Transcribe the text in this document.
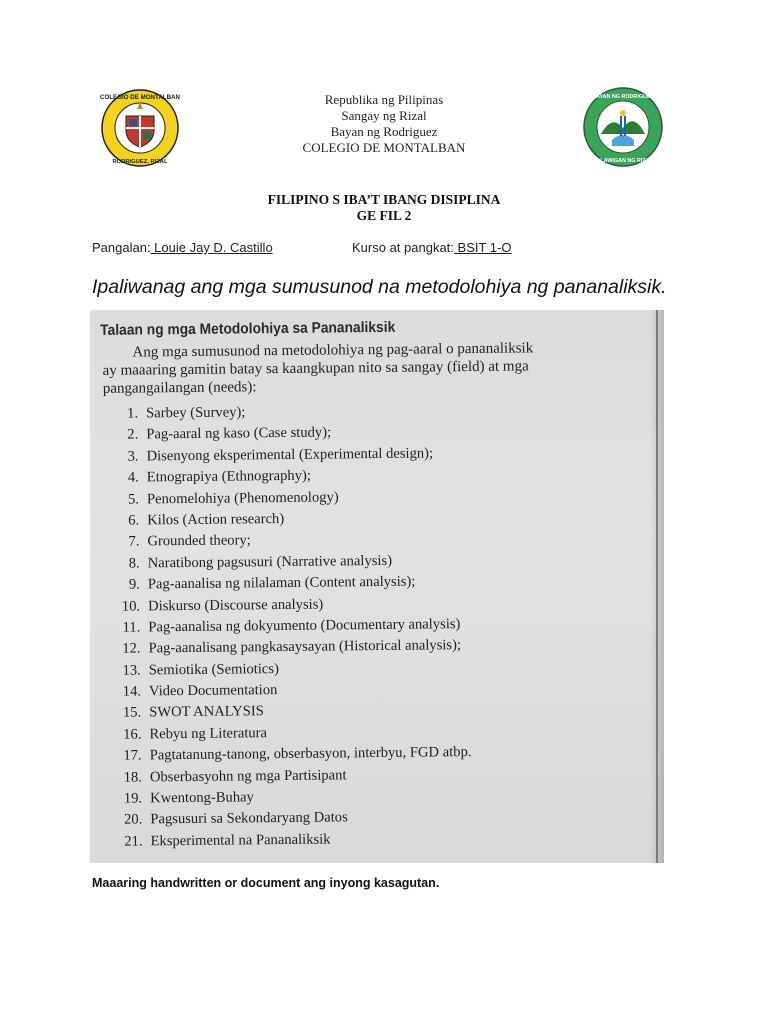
COLEGIO DE MONTALBAN
RODRIGUEZ, RIZAL
Republika ng Pilipinas
Sangay ng Rizal
Bayan ng Rodriguez
COLEGIO DE MONTALBAN
BAYAN NG RODRIGUEZ
1908
LALAWIGAN NG RIZAL
FILIPINO S IBA’T IBANG DISIPLINA
GE FIL 2
Pangalan: Louie Jay D. Castillo	Kurso at pangkat: BSIT 1-O
Ipaliwanag ang mga sumusunod na metodolohiya ng pananaliksik.
Talaan ng mga Metodolohiya sa Pananaliksik

Ang mga sumusunod na metodolohiya ng pag-aaral o pananaliksik

ay maaaring gamitin batay sa kaangkupan nito sa sangay (field) at mga
pangangailangan (needs):
1. Sarbey (Survey);
2. Pag-aaral ng kaso (Case study);
3. Disenyong eksperimental (Experimental design);
4. Etnograpiya (Ethnography);
5. Penomelohiya (Phenomenology)
6. Kilos (Action research)
7. Grounded theory;
8. Naratibong pagsusuri (Narrative analysis)
9. Pag-aanalisa ng nilalaman (Content analysis);
10. Diskurso (Discourse analysis)
11. Pag-aanalisa ng dokyumento (Documentary analysis)
12. Pag-aanalisang pangkasaysayan (Historical analysis);
13. Semiotika (Semiotics)
14. Video Documentation
15. SWOT ANALYSIS
16. Rebyu ng Literatura
17. Pagtatanung-tanong, obserbasyon, interbyu, FGD atbp.
18. Obserbasyohn ng mga Partisipant
19. Kwentong-Buhay
20. Pagsusuri sa Sekondaryang Datos
21. Eksperimental na Pananaliksik
Maaaring handwritten or document ang inyong kasagutan.
